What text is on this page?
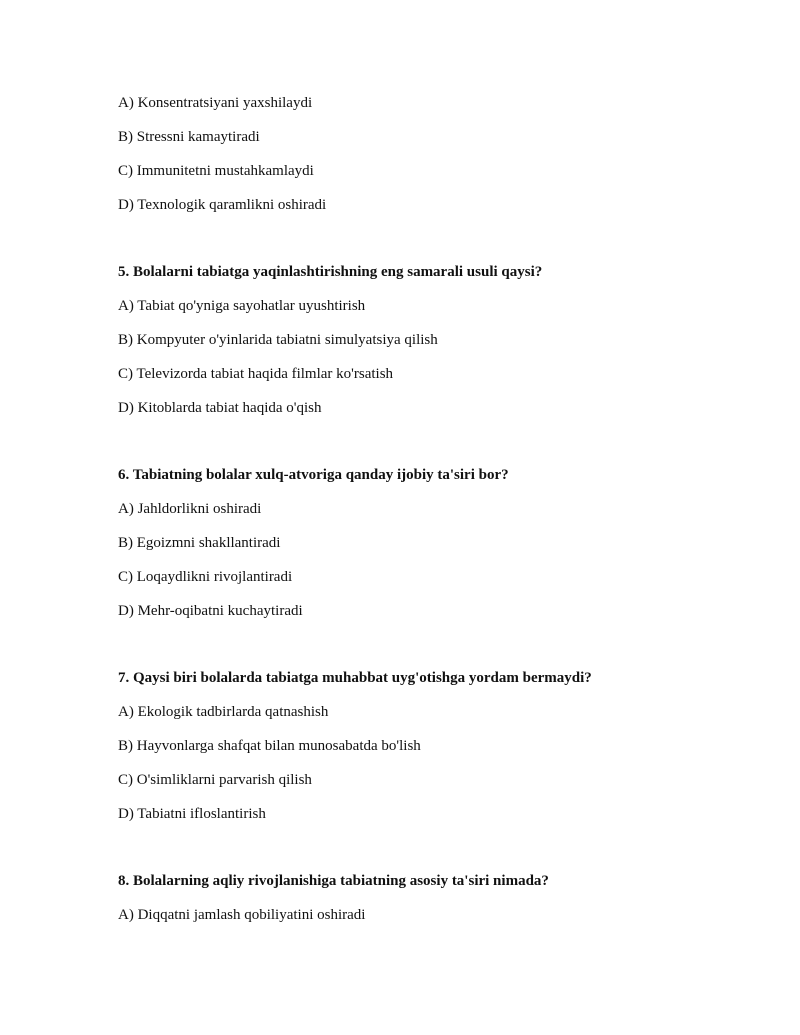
A) Konsentratsiyani yaxshilaydi
B) Stressni kamaytiradi
C) Immunitetni mustahkamlaydi
D) Texnologik qaramlikni oshiradi
5. Bolalarni tabiatga yaqinlashtirishning eng samarali usuli qaysi?
A) Tabiat qo'yniga sayohatlar uyushtirish
B) Kompyuter o'yinlarida tabiatni simulyatsiya qilish
C) Televizorda tabiat haqida filmlar ko'rsatish
D) Kitoblarda tabiat haqida o'qish
6. Tabiatning bolalar xulq-atvoriga qanday ijobiy ta'siri bor?
A) Jahldorlikni oshiradi
B) Egoizmni shakllantiradi
C) Loqaydlikni rivojlantiradi
D) Mehr-oqibatni kuchaytiradi
7. Qaysi biri bolalarda tabiatga muhabbat uyg'otishga yordam bermaydi?
A) Ekologik tadbirlarda qatnashish
B) Hayvonlarga shafqat bilan munosabatda bo'lish
C) O'simliklarni parvarish qilish
D) Tabiatni ifloslantirish
8. Bolalarning aqliy rivojlanishiga tabiatning asosiy ta'siri nimada?
A) Diqqatni jamlash qobiliyatini oshiradi
